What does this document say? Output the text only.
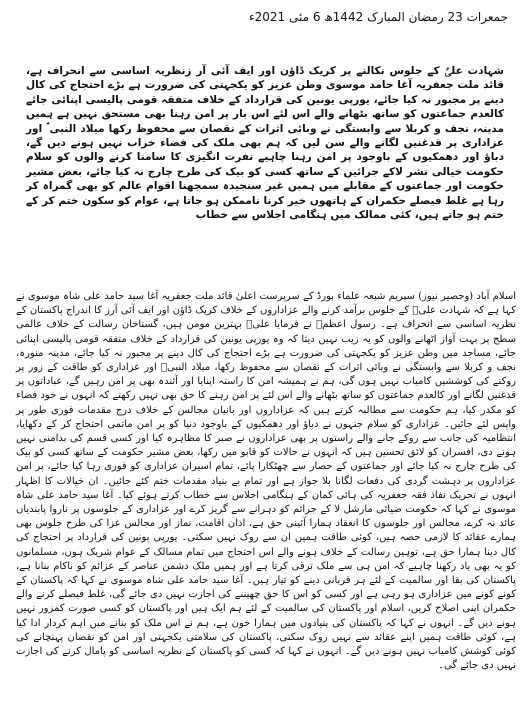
جمعرات 23 رمضان المبارک 1442ھ 6 مئی 2021ء

شہادت علیؑ کے جلوس نکالنے پر کریک ڈاؤن اور ایف آئی آر زنظریہ اساسی سے انحراف ہے، قائد ملت جعفریہ آغا حامد موسوی وطن عزیز کو یکجہتی کی ضرورت ہے بڑے احتجاج کی کال دینے پر مجبور نہ کیا جائے، یورپی یونین کی قرارداد کے خلاف متفقہ قومی پالیسی اپنائی جائے کالعدم جماعتوں کو ساتھ بٹھانے والے اس لئے اس بار پر امن رہنا بھی مستحق نہیں ہے ہمیں مدینہ، نجف و کربلا سے وابستگی نے وبائی اثرات کے نقصان سے محفوظ رکھا میلاد النبی ؐ اور عزاداری پر قدغنیں لگانے والے سن لیں کہ ہم بھی ملک کی فضاء خراب نہیں ہونے دیں گے، دباؤ اور دھمکیوں کے باوجود پر امن رہنا چاہیے نفرت انگیزی کا سامنا کرنے والوں کو سلام حکومت خیالی نشر لاکے جرائیں کے ساتھ کسی کو بیک کی طرح چارج نہ کیا جائے، بعض مشیر حکومت اور جماعتوں کے مقابلے میں ہمیں غیر سنجیدہ سمجھنا اقوام عالم کو بھی گمراہ کر رہا ہے غلط فیصلے حکمران کے ہاتھوں خیر کرنا ناممکن ہو جاتا ہے، عوام کو سکون ختم کر کے ختم ہو جاتے ہیں، کئی ممالک میں ہنگامی اجلاس سے خطاب

اسلام آباد (وحصیر نیوز) سپریم شیعہ علماء بورڈ کے سرپرست اعلیٰ قائد ملت جعفریہ آغا سید حامد علی شاہ موسوی نے کہا ہے کہ شہادت علیؑ کے جلوس برآمد کرنے والے عزاداروں کے خلاف کریک ڈاؤن اور ایف آئی آرز کا اندراج پاکستان کے نظریہ اساسی سے انحراف ہے۔ رسول اعظمؐ نے فرمایا علیؑ بہترین مومن ہیں، گستاخان رسالت کے خلاف عالمی سطح پر بہت آواز اٹھانے والوں کو یہ زیب نہیں دیتا کہ وہ یورپی یونین کی قرارداد کے خلاف متفقہ قومی پالیسی اپنائی جائے، مساجد میں وطن عزیز کو یکجہتی کی ضرورت ہے بڑے احتجاج کی کال دینے پر مجبور نہ کیا جائے، مدینہ منورہ، نجف و کربلا سے وابستگی نے وبائی اثرات کے نقصان سے محفوظ رکھا، میلاد النبیؐ اور عزاداری کو طاقت کے زور پر روکنے کی کوششیں کامیاب نہیں ہوں گی، ہم نے ہمیشہ امن کا راستہ اپنایا اور آئندہ بھی پر امن رہیں گے، عباداتوں پر قدغنیں لگانے اور کالعدم جماعتوں کو ساتھ بٹھانے والے اس لئے پر امن رہنے کا حق بھی نہیں رکھتے کہ انہوں نے خود فضاء کو مکدر کیا، ہم حکومت سے مطالبہ کرتے ہیں کہ عزاداروں اور بانیان مجالس کے خلاف درج مقدمات فوری طور پر واپس لئے جائیں۔ عزاداری کو سلام جنہوں نے دباؤ اور دھمکیوں کے باوجود دنیا کو پر امن ماتمی احتجاج کر کے دکھایا، انتظامیہ کی جانب سے روکے جانے والے راستوں پر بھی عزاداروں نے صبر کا مظاہرہ کیا اور کسی قسم کی بدامنی نہیں ہونے دی، افسران کو لائق تحسین ہیں کہ انہوں نے حالات کو قابو میں رکھا، بعض مشیر حکومت کے ساتھ کسی کو بیک کی طرح چارج نہ کیا جائے اور جماعتوں کے حصار سے چھٹکارا پائے، تمام اسیران عزاداری کو فوری رہا کیا جائے، پر امن عزاداروں پر دہشت گردی کی دفعات لگانا بلا جواز ہے اور تمام بے بنیاد مقدمات ختم کئے جائیں۔ ان خیالات کا اظہار انہوں نے تحریک نفاذ فقہ جعفریہ کی ہائی کمان کے ہنگامی اجلاس سے خطاب کرتے ہوئے کیا۔ آغا سید حامد علی شاہ موسوی نے کہا کہ حکومت ضیائی مارشل لا کے جرائم کو دہرانے سے گریز کرے اور عزاداری کے جلوسوں پر ناروا پابندیاں عائد نہ کرے، مجالس اور جلوسوں کا انعقاد ہمارا آئینی حق ہے، اذان اقامت، نماز اور مجالس عزا کی طرح جلوس بھی ہمارے عقائد کا لازمی حصہ ہیں، کوئی طاقت ہمیں ان سے روک نہیں سکتی۔ یورپی یونین کی قرارداد پر احتجاج کی کال دینا ہمارا حق ہے، توہین رسالت کے خلاف ہونے والے اس احتجاج میں تمام مسالک کے عوام شریک ہوں، مسلمانوں کو یہ بھی یاد رکھنا چاہیے کہ امن ہی سے ملک ترقی کرتا ہے اور ہمیں ملک دشمن عناصر کے عزائم کو ناکام بنانا ہے، پاکستان کی بقا اور سالمیت کے لئے ہر قربانی دینے کو تیار ہیں۔ آغا سید حامد علی شاہ موسوی نے کہا کہ پاکستان کے کونے کونے میں عزاداری ہو رہی ہے اور کسی کو اس کا حق چھیننے کی اجازت نہیں دی جائے گی، غلط فیصلے کرنے والے حکمران اپنی اصلاح کریں، اسلام اور پاکستان کی سالمیت کے لئے ہم ایک ہیں اور پاکستان کو کسی صورت کمزور نہیں ہونے دیں گے۔ انہوں نے کہا کہ پاکستان کی بنیادوں میں ہمارا خون ہے، ہم نے اس ملک کو بنانے میں اہم کردار ادا کیا ہے، کوئی طاقت ہمیں اپنے عقائد سے نہیں روک سکتی، پاکستان کی سلامتی یکجہتی اور امن کو نقصان پہنچانے کی کوئی کوشش کامیاب نہیں ہونے دیں گے۔ انہوں نے کہا کہ کسی کو پاکستان کے نظریہ اساسی کو پامال کرنے کی اجازت نہیں دی جائے گی۔
